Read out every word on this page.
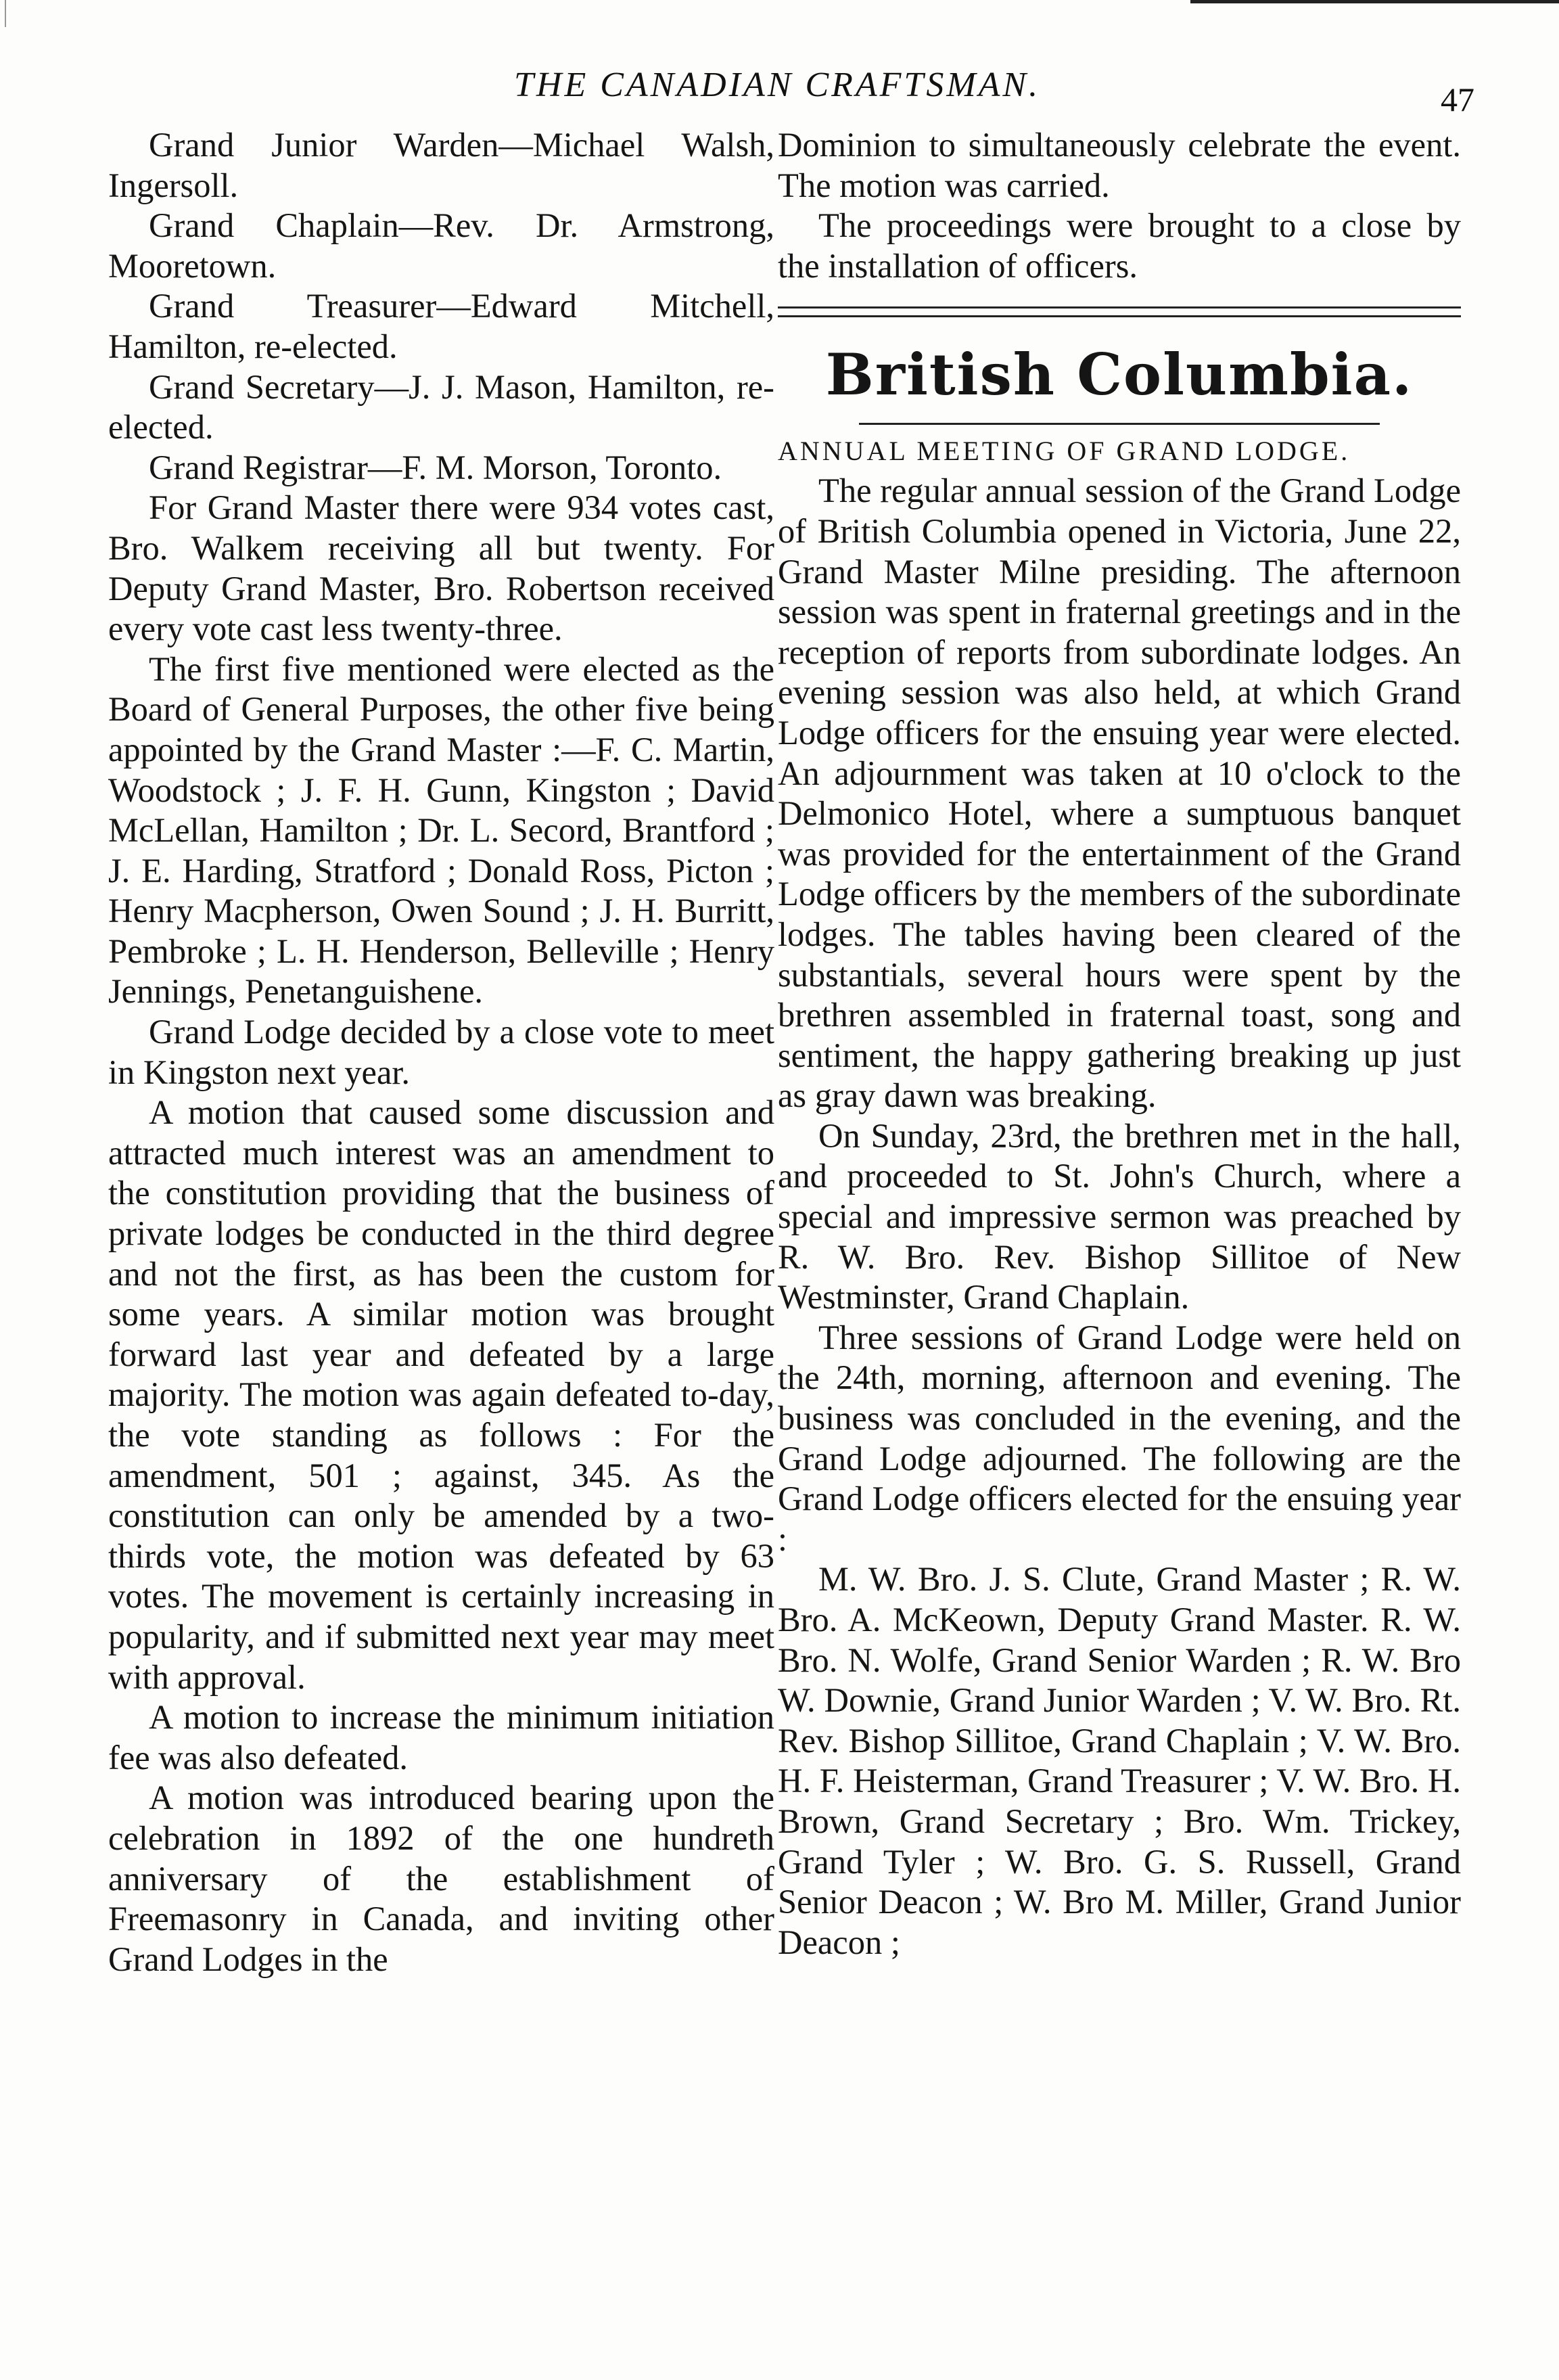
THE CANADIAN CRAFTSMAN.	47

Grand Junior Warden—Michael Walsh, Ingersoll.

Grand Chaplain—Rev. Dr. Armstrong, Mooretown.

Grand Treasurer—Edward Mitchell, Hamilton, re-elected.

Grand Secretary—J. J. Mason, Hamilton, re-elected.

Grand Registrar—F. M. Morson, Toronto.

For Grand Master there were 934 votes cast, Bro. Walkem receiving all but twenty. For Deputy Grand Master, Bro. Robertson received every vote cast less twenty-three.

The first five mentioned were elected as the Board of General Purposes, the other five being appointed by the Grand Master :—F. C. Martin, Woodstock ; J. F. H. Gunn, Kingston ; David McLellan, Hamilton ; Dr. L. Secord, Brantford ; J. E. Harding, Stratford ; Donald Ross, Picton ; Henry Macpherson, Owen Sound ; J. H. Burritt, Pembroke ; L. H. Henderson, Belleville ; Henry Jennings, Penetanguishene.

Grand Lodge decided by a close vote to meet in Kingston next year.

A motion that caused some discussion and attracted much interest was an amendment to the constitution providing that the business of private lodges be conducted in the third degree and not the first, as has been the custom for some years. A similar motion was brought forward last year and defeated by a large majority. The motion was again defeated to-day, the vote standing as follows : For the amendment, 501 ; against, 345. As the constitution can only be amended by a two-thirds vote, the motion was defeated by 63 votes. The movement is certainly increasing in popularity, and if submitted next year may meet with approval.

A motion to increase the minimum initiation fee was also defeated.

A motion was introduced bearing upon the celebration in 1892 of the one hundreth anniversary of the establishment of Freemasonry in Canada, and inviting other Grand Lodges in the

Dominion to simultaneously celebrate the event. The motion was carried.

The proceedings were brought to a close by the installation of officers.

British Columbia.

ANNUAL MEETING OF GRAND LODGE.

The regular annual session of the Grand Lodge of British Columbia opened in Victoria, June 22, Grand Master Milne presiding. The afternoon session was spent in fraternal greetings and in the reception of reports from subordinate lodges. An evening session was also held, at which Grand Lodge officers for the ensuing year were elected. An adjournment was taken at 10 o'clock to the Delmonico Hotel, where a sumptuous banquet was provided for the entertainment of the Grand Lodge officers by the members of the subordinate lodges. The tables having been cleared of the substantials, several hours were spent by the brethren assembled in fraternal toast, song and sentiment, the happy gathering breaking up just as gray dawn was breaking.

On Sunday, 23rd, the brethren met in the hall, and proceeded to St. John's Church, where a special and impressive sermon was preached by R. W. Bro. Rev. Bishop Sillitoe of New Westminster, Grand Chaplain.

Three sessions of Grand Lodge were held on the 24th, morning, afternoon and evening. The business was concluded in the evening, and the Grand Lodge adjourned. The following are the Grand Lodge officers elected for the ensuing year :

M. W. Bro. J. S. Clute, Grand Master ; R. W. Bro. A. McKeown, Deputy Grand Master. R. W. Bro. N. Wolfe, Grand Senior Warden ; R. W. Bro W. Downie, Grand Junior Warden ; V. W. Bro. Rt. Rev. Bishop Sillitoe, Grand Chaplain ; V. W. Bro. H. F. Heisterman, Grand Treasurer ; V. W. Bro. H. Brown, Grand Secretary ; Bro. Wm. Trickey, Grand Tyler ; W. Bro. G. S. Russell, Grand Senior Deacon ; W. Bro M. Miller, Grand Junior Deacon ;
